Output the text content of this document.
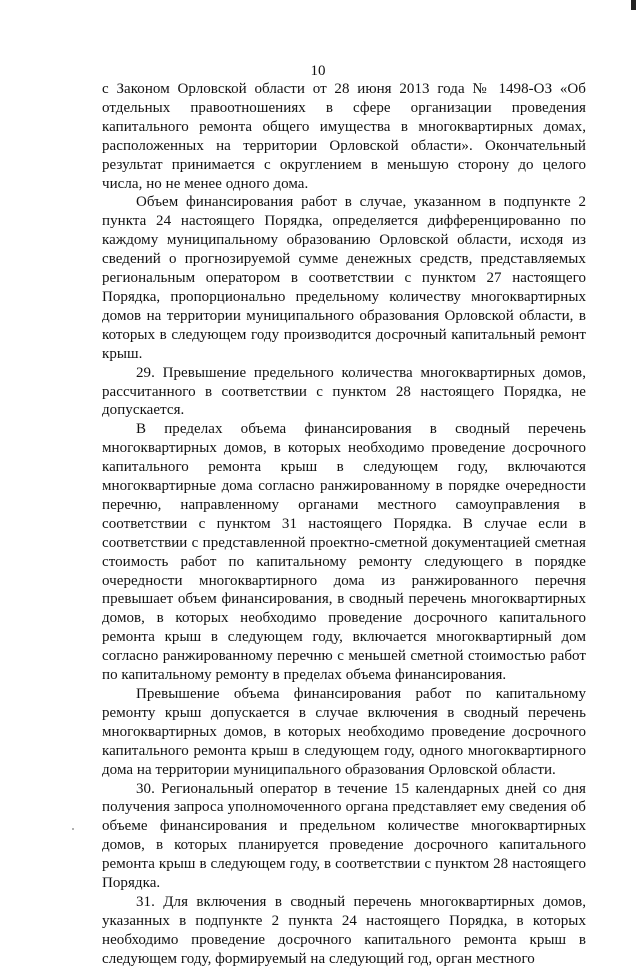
10

с Законом Орловской области от 28 июня 2013 года № 1498-ОЗ «Об отдельных правоотношениях в сфере организации проведения капитального ремонта общего имущества в многоквартирных домах, расположенных на территории Орловской области». Окончательный результат принимается с округлением в меньшую сторону до целого числа, но не менее одного дома.

Объем финансирования работ в случае, указанном в подпункте 2 пункта 24 настоящего Порядка, определяется дифференцированно по каждому муниципальному образованию Орловской области, исходя из сведений о прогнозируемой сумме денежных средств, представляемых региональным оператором в соответствии с пунктом 27 настоящего Порядка, пропорционально предельному количеству многоквартирных домов на территории муниципального образования Орловской области, в которых в следующем году производится досрочный капитальный ремонт крыш.

29. Превышение предельного количества многоквартирных домов, рассчитанного в соответствии с пунктом 28 настоящего Порядка, не допускается.

В пределах объема финансирования в сводный перечень многоквартирных домов, в которых необходимо проведение досрочного капитального ремонта крыш в следующем году, включаются многоквартирные дома согласно ранжированному в порядке очередности перечню, направленному органами местного самоуправления в соответствии с пунктом 31 настоящего Порядка. В случае если в соответствии с представленной проектно-сметной документацией сметная стоимость работ по капитальному ремонту следующего в порядке очередности многоквартирного дома из ранжированного перечня превышает объем финансирования, в сводный перечень многоквартирных домов, в которых необходимо проведение досрочного капитального ремонта крыш в следующем году, включается многоквартирный дом согласно ранжированному перечню с меньшей сметной стоимостью работ по капитальному ремонту в пределах объема финансирования.

Превышение объема финансирования работ по капитальному ремонту крыш допускается в случае включения в сводный перечень многоквартирных домов, в которых необходимо проведение досрочного капитального ремонта крыш в следующем году, одного многоквартирного дома на территории муниципального образования Орловской области.

30. Региональный оператор в течение 15 календарных дней со дня получения запроса уполномоченного органа представляет ему сведения об объеме финансирования и предельном количестве многоквартирных домов, в которых планируется проведение досрочного капитального ремонта крыш в следующем году, в соответствии с пунктом 28 настоящего Порядка.

31. Для включения в сводный перечень многоквартирных домов, указанных в подпункте 2 пункта 24 настоящего Порядка, в которых необходимо проведение досрочного капитального ремонта крыш в следующем году, формируемый на следующий год, орган местного
